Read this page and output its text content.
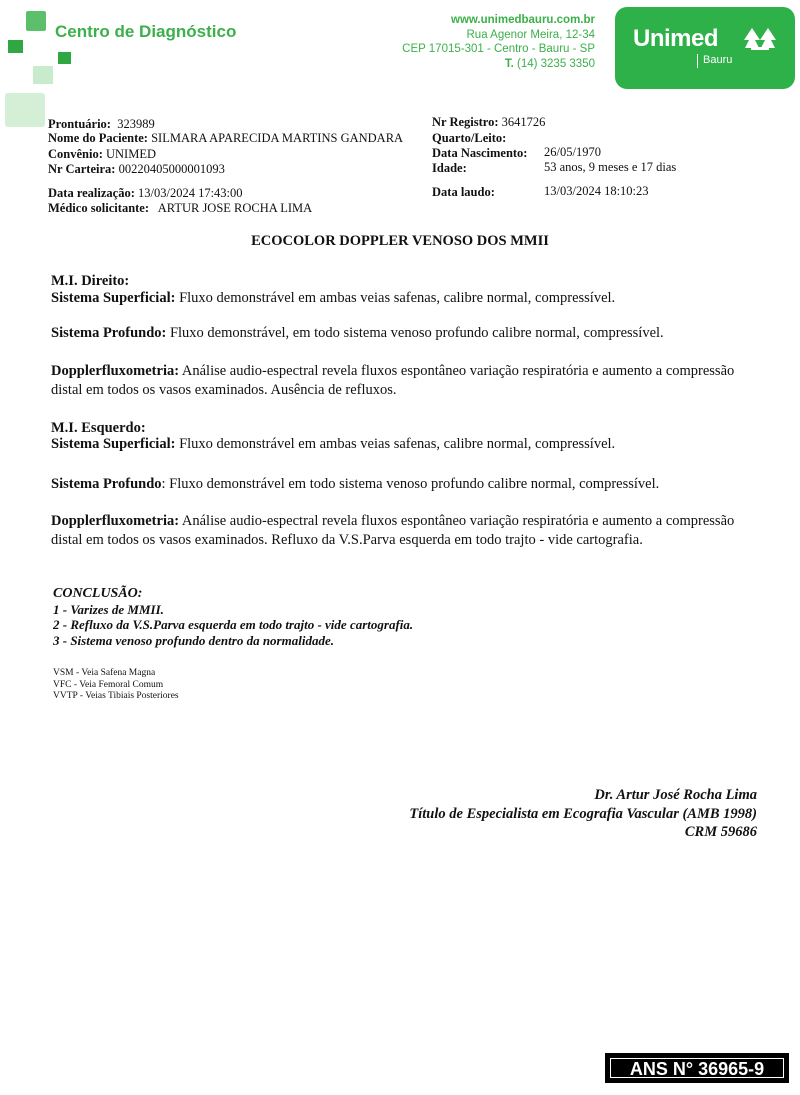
Centro de Diagnóstico
www.unimedbauru.com.br
Rua Agenor Meira, 12-34
CEP 17015-301 - Centro - Bauru - SP
T. (14) 3235 3350
Unimed
Bauru
Prontuário: 323989
Nome do Paciente: SILMARA APARECIDA MARTINS GANDARA
Convênio: UNIMED
Nr Carteira: 00220405000001093
Nr Registro: 3641726
Quarto/Leito:
Data Nascimento: 26/05/1970
Idade:	53 anos, 9 meses e 17 dias
Data realização: 13/03/2024 17:43:00
Médico solicitante: ARTUR JOSE ROCHA LIMA
Data laudo:	13/03/2024 18:10:23
ECOCOLOR DOPPLER VENOSO DOS MMII
M.I. Direito:
Sistema Superficial: Fluxo demonstrável em ambas veias safenas, calibre normal, compressível.
Sistema Profundo: Fluxo demonstrável, em todo sistema venoso profundo calibre normal, compressível.
Dopplerfluxometria: Análise audio-espectral revela fluxos espontâneo variação respiratória e aumento a compressão distal em todos os vasos examinados. Ausência de refluxos.
M.I. Esquerdo:
Sistema Superficial: Fluxo demonstrável em ambas veias safenas, calibre normal, compressível.
Sistema Profundo: Fluxo demonstrável em todo sistema venoso profundo calibre normal, compressível.
Dopplerfluxometria: Análise audio-espectral revela fluxos espontâneo variação respiratória e aumento a compressão distal em todos os vasos examinados. Refluxo da V.S.Parva esquerda em todo trajto - vide cartografia.
CONCLUSÃO:
1 - Varizes de MMII.
2 - Refluxo da V.S.Parva esquerda em todo trajto - vide cartografia.
3 - Sistema venoso profundo dentro da normalidade.
VSM - Veia Safena Magna
VFC - Veia Femoral Comum
VVTP - Veias Tibiais Posteriores
Dr. Artur José Rocha Lima
Título de Especialista em Ecografia Vascular (AMB 1998)
CRM 59686
ANS N° 36965-9
